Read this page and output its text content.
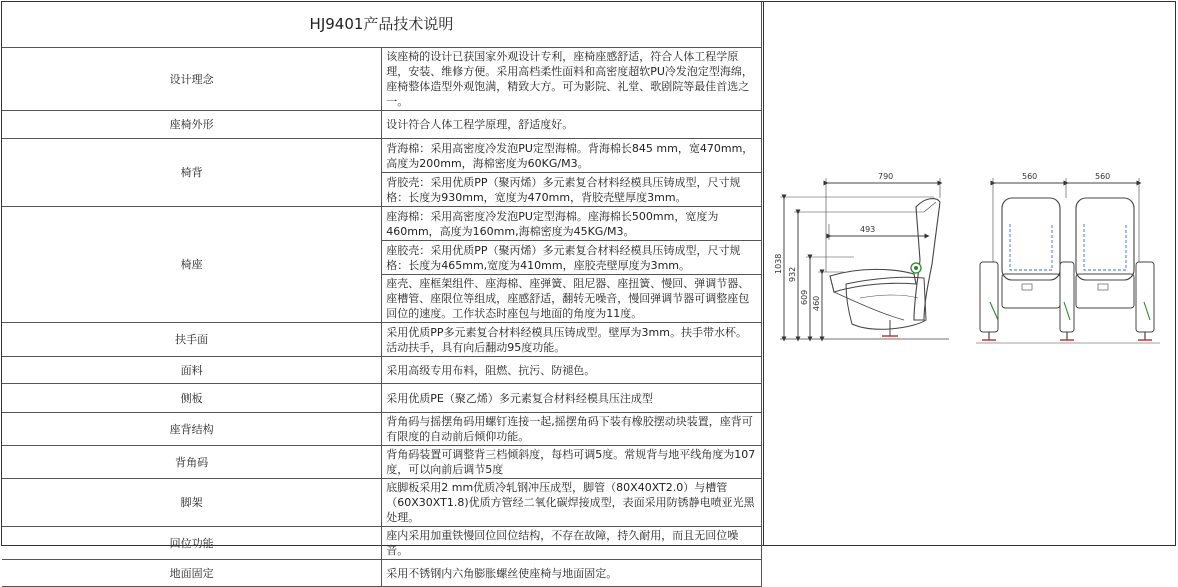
HJ9401产品技术说明	
设计理念	该座椅的设计已获国家外观设计专利，座椅座感舒适，符合人体工程学原理，安装、维修方便。采用高档柔性面料和高密度超软PU冷发泡定型海绵，座椅整体造型外观饱满，精致大方。可为影院、礼堂、歌剧院等最佳首选之一。
座椅外形	设计符合人体工程学原理，舒适度好。
椅背	背海棉：采用高密度冷发泡PU定型海棉。背海棉长845 mm，宽470mm，高度为200mm，海棉密度为60KG/M3。
	背胶壳：采用优质PP（聚丙烯）多元素复合材料经模具压铸成型，尺寸规格：长度为930mm，宽度为470mm，背胶壳壁厚度3mm。
椅座	座海棉：采用高密度冷发泡PU定型海棉。座海棉长500mm，宽度为460mm，高度为160mm,海棉密度为45KG/M3。
	座胶壳：采用优质PP（聚丙烯）多元素复合材料经模具压铸成型，尺寸规格：长度为465mm,宽度为410mm，座胶壳壁厚度为3mm。
	座壳、座框架组件、座海棉、座弹簧、阻尼器、座扭簧、慢回、弹调节器、座槽管、座限位等组成，座感舒适，翻转无噪音，慢回弹调节器可调整座包回位的速度。工作状态时座包与地面的角度为11度。
扶手面	采用优质PP多元素复合材料经模具压铸成型。壁厚为3mm。扶手带水杯。活动扶手，具有向后翻动95度功能。
面料	采用高级专用布料，阻燃、抗污、防褪色。
侧板	采用优质PE（聚乙烯）多元素复合材料经模具压注成型
座背结构	背角码与摇摆角码用螺钉连接一起,摇摆角码下装有橡胶摆动块装置，座背可有限度的自动前后倾仰功能。
背角码	背角码装置可调整背三档倾斜度，每档可调5度。常规背与地平线角度为107度，可以向前后调节5度
脚架	底脚板采用2 mm优质冷轧钢冲压成型，脚管（80X40XT2.0）与槽管（60X30XT1.8)优质方管经二氧化碳焊接成型，表面采用防锈静电喷亚光黑处理。
回位功能	座内采用加重铁慢回位回位结构，不存在故障，持久耐用，而且无回位噪音。
地面固定	采用不锈钢内六角膨胀螺丝使座椅与地面固定。
790
493
1038
932
609 460
560	560
